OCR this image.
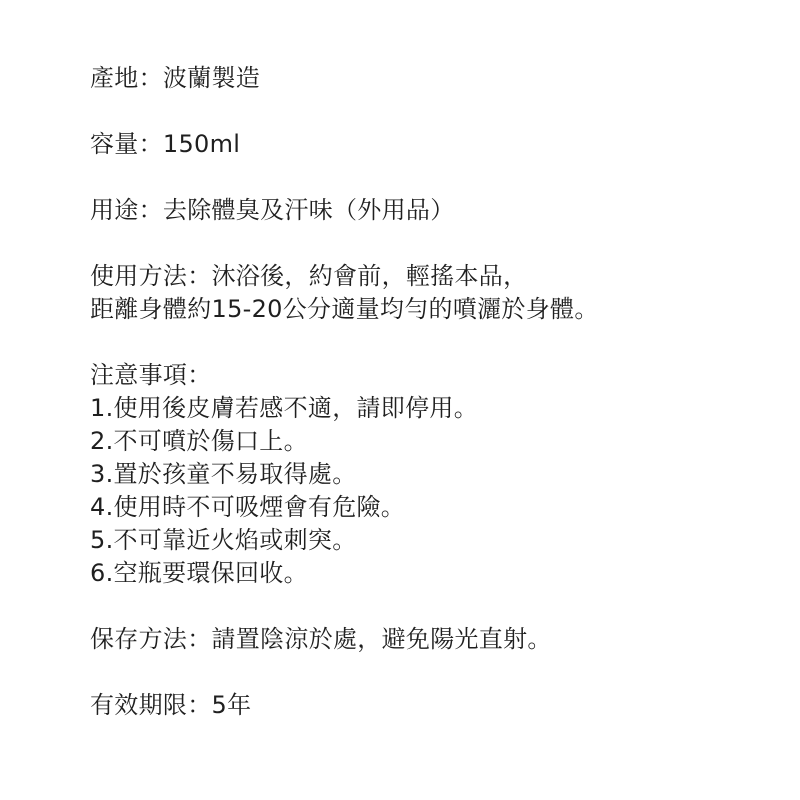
產地：波蘭製造
容量：150ml
用途：去除體臭及汗味（外用品）
使用方法：沐浴後，約會前，輕搖本品，
距離身體約15-20公分適量均勻的噴灑於身體。
注意事項：
1.使用後皮膚若感不適，請即停用。
2.不可噴於傷口上。
3.置於孩童不易取得處。
4.使用時不可吸煙會有危險。
5.不可靠近火焰或刺突。
6.空瓶要環保回收。
保存方法：請置陰涼於處，避免陽光直射。
有效期限：5年
